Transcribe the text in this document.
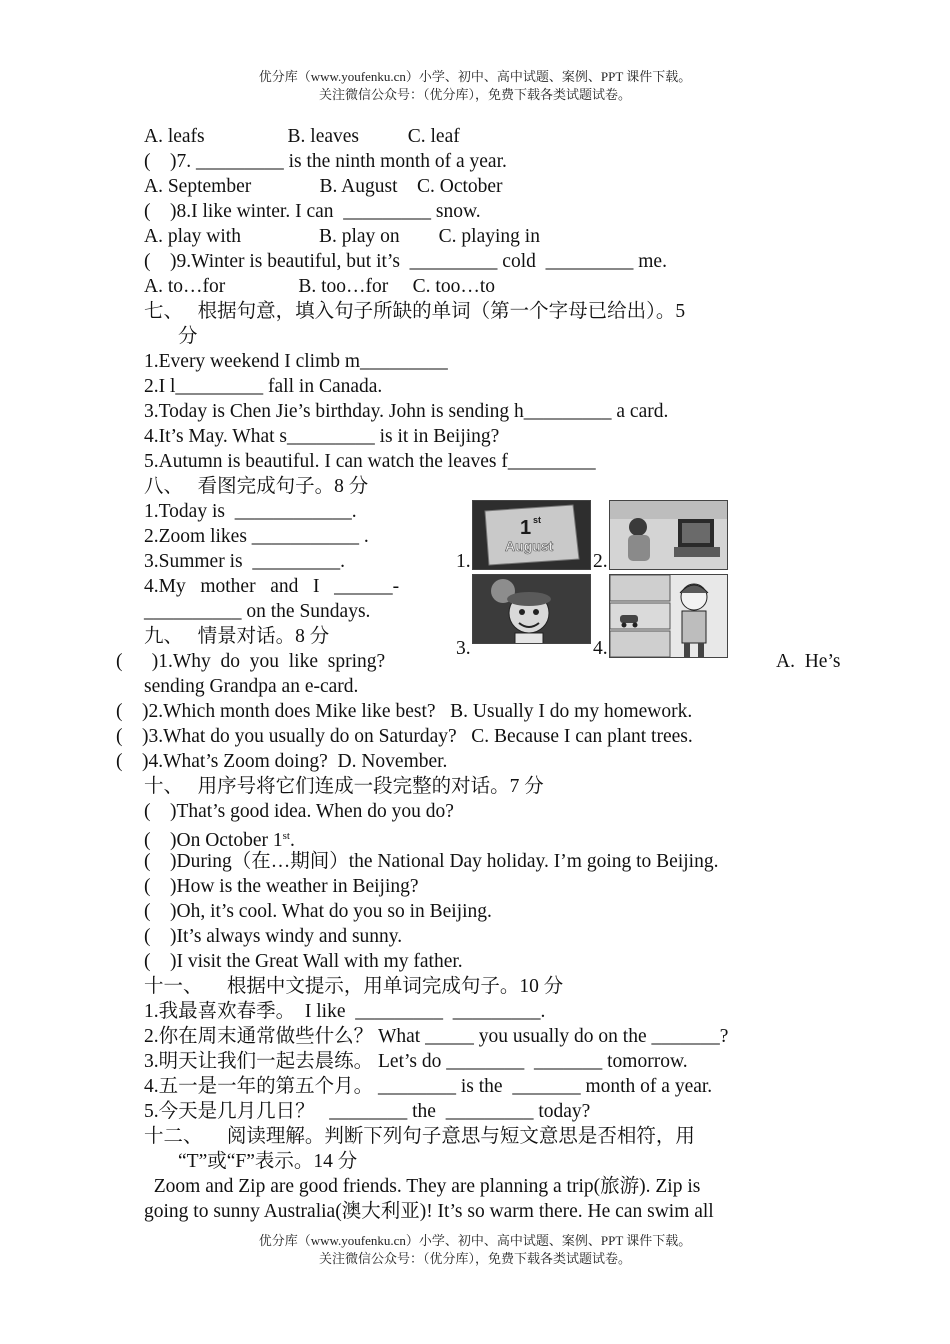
优分库（www.youfenku.cn）小学、初中、高中试题、案例、PPT 课件下载。
关注微信公众号：（优分库），免费下载各类试题试卷。
A. leafs                 B. leaves          C. leaf
(    )7. _________ is the ninth month of a year.
A. September              B. August    C. October
(    )8.I like winter. I can  _________ snow.
A. play with                B. play on        C. playing in
(    )9.Winter is beautiful, but it’s  _________ cold  _________ me.
A. to…for               B. too…for     C. too…to
七、   根据句意，填入句子所缺的单词（第一个字母已给出）。5
分
1.Every weekend I climb m_________
2.I l_________ fall in Canada.
3.Today is Chen Jie’s birthday. John is sending h_________ a card.
4.It’s May. What s_________ is it in Beijing?
5.Autumn is beautiful. I can watch the leaves f_________
八、   看图完成句子。8 分
1.Today is  ____________.
2.Zoom likes ___________ .
3.Summer is  _________.
4.My   mother   and   I   ______-
__________ on the Sundays.
九、   情景对话。8 分
(      )1.Why  do  you  like  spring?	A.  He’s
sending Grandpa an e-card.
(    )2.Which month does Mike like best?   B. Usually I do my homework.
(    )3.What do you usually do on Saturday?   C. Because I can plant trees.
(    )4.What’s Zoom doing?  D. November.
十、   用序号将它们连成一段完整的对话。7 分
(    )That’s good idea. When do you do?
(    )On October 1st.
(    )During（在…期间）the National Day holiday. I’m going to Beijing.
(    )How is the weather in Beijing?
(    )Oh, it’s cool. What do you so in Beijing.
(    )It’s always windy and sunny.
(    )I visit the Great Wall with my father.
十一、     根据中文提示，用单词完成句子。10 分
1.我最喜欢春季。  I like  _________  _________.
2.你在周末通常做些什么？ What _____ you usually do on the _______?
3.明天让我们一起去晨练。 Let’s do ________  _______ tomorrow.
4.五一是一年的第五个月。 ________ is the  _______ month of a year.
5.今天是几月几日？   ________ the  _________ today?
十二、     阅读理解。判断下列句子意思与短文意思是否相符，用
“T”或“F”表示。14 分
Zoom and Zip are good friends. They are planning a trip(旅游). Zip is
going to sunny Australia(澳大利亚)! It’s so warm there. He can swim all
1.
1 st
August
2.
3.	4.
优分库（www.youfenku.cn）小学、初中、高中试题、案例、PPT 课件下载。
关注微信公众号：（优分库），免费下载各类试题试卷。
